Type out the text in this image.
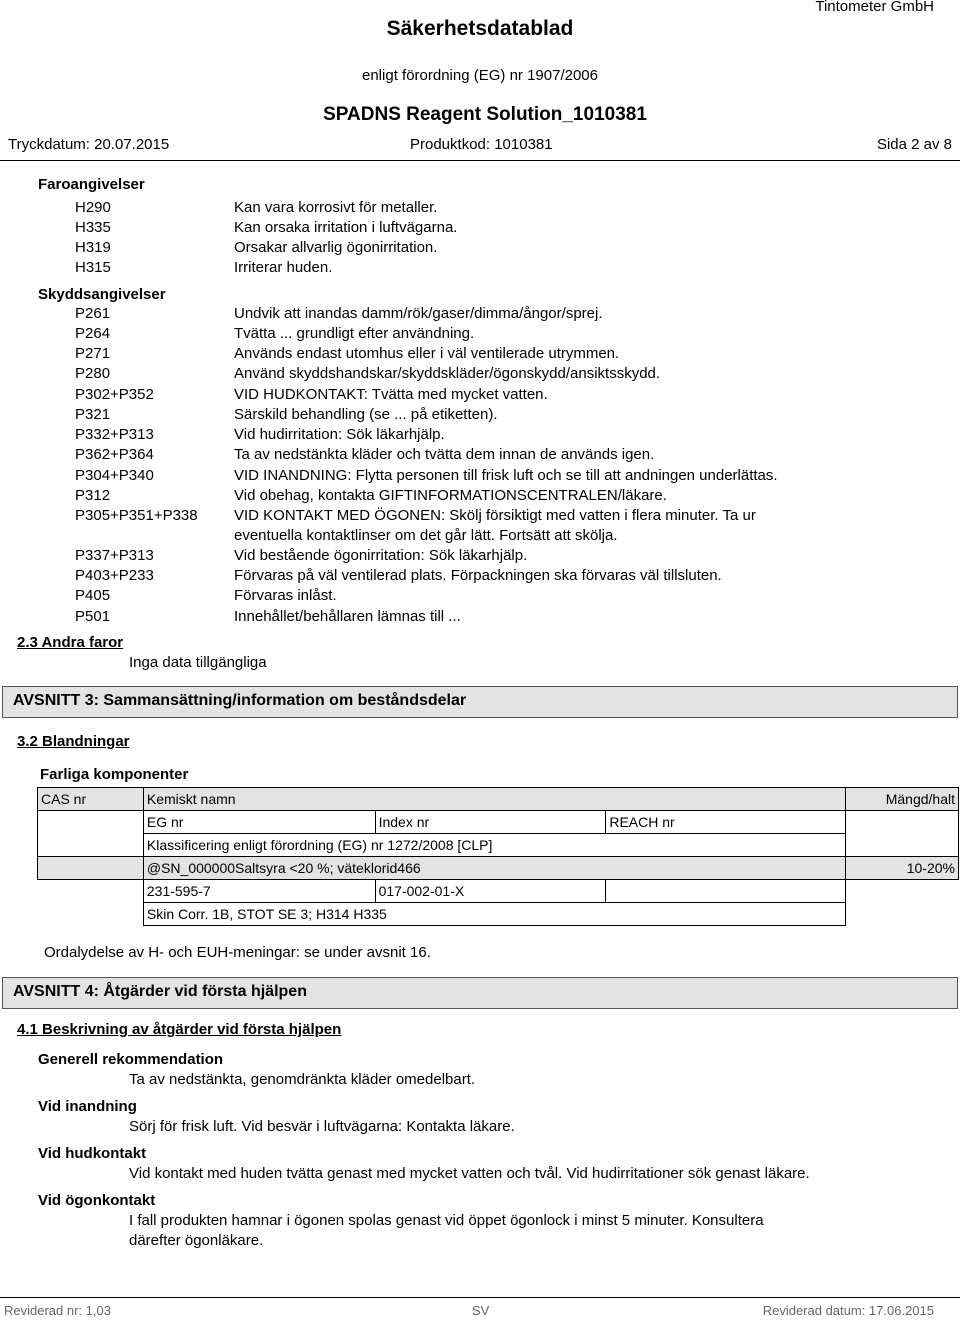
Tintometer GmbH
Säkerhetsdatablad
enligt förordning (EG) nr 1907/2006
SPADNS Reagent Solution_1010381
Tryckdatum: 20.07.2015	Produktkod: 1010381	Sida 2 av 8
Faroangivelser
H290	Kan vara korrosivt för metaller.
H335	Kan orsaka irritation i luftvägarna.
H319	Orsakar allvarlig ögonirritation.
H315	Irriterar huden.
Skyddsangivelser
P261	Undvik att inandas damm/rök/gaser/dimma/ångor/sprej.
P264	Tvätta ... grundligt efter användning.
P271	Används endast utomhus eller i väl ventilerade utrymmen.
P280	Använd skyddshandskar/skyddskläder/ögonskydd/ansiktsskydd.
P302+P352	VID HUDKONTAKT: Tvätta med mycket vatten.
P321	Särskild behandling (se ... på etiketten).
P332+P313	Vid hudirritation: Sök läkarhjälp.
P362+P364	Ta av nedstänkta kläder och tvätta dem innan de används igen.
P304+P340	VID INANDNING: Flytta personen till frisk luft och se till att andningen underlättas.
P312	Vid obehag, kontakta GIFTINFORMATIONSCENTRALEN/läkare.
P305+P351+P338 VID KONTAKT MED ÖGONEN: Skölj försiktigt med vatten i flera minuter. Ta ur
eventuella kontaktlinser om det går lätt. Fortsätt att skölja.
P337+P313	Vid bestående ögonirritation: Sök läkarhjälp.
P403+P233	Förvaras på väl ventilerad plats. Förpackningen ska förvaras väl tillsluten.
P405	Förvaras inlåst.
P501	Innehållet/behållaren lämnas till ...
2.3 Andra faror
Inga data tillgängliga
AVSNITT 3: Sammansättning/information om beståndsdelar
3.2 Blandningar
Farliga komponenter
CAS nr	Kemiskt namn			Mängd/halt
	EG nr	Index nr	REACH nr	
	Klassificering enligt förordning (EG) nr 1272/2008 [CLP]			
	@SN_000000Saltsyra <20 %; väteklorid466			10-20%
	231-595-7	017-002-01-X		
	Skin Corr. 1B, STOT SE 3; H314 H335			
Ordalydelse av H- och EUH-meningar: se under avsnit 16.
AVSNITT 4: Åtgärder vid första hjälpen
4.1 Beskrivning av åtgärder vid första hjälpen
Generell rekommendation
Ta av nedstänkta, genomdränkta kläder omedelbart.
Vid inandning
Sörj för frisk luft. Vid besvär i luftvägarna: Kontakta läkare.
Vid hudkontakt
Vid kontakt med huden tvätta genast med mycket vatten och tvål. Vid hudirritationer sök genast läkare.
Vid ögonkontakt
I fall produkten hamnar i ögonen spolas genast vid öppet ögonlock i minst 5 minuter. Konsultera
därefter ögonläkare.
Reviderad nr: 1,03	SV	Reviderad datum: 17.06.2015
